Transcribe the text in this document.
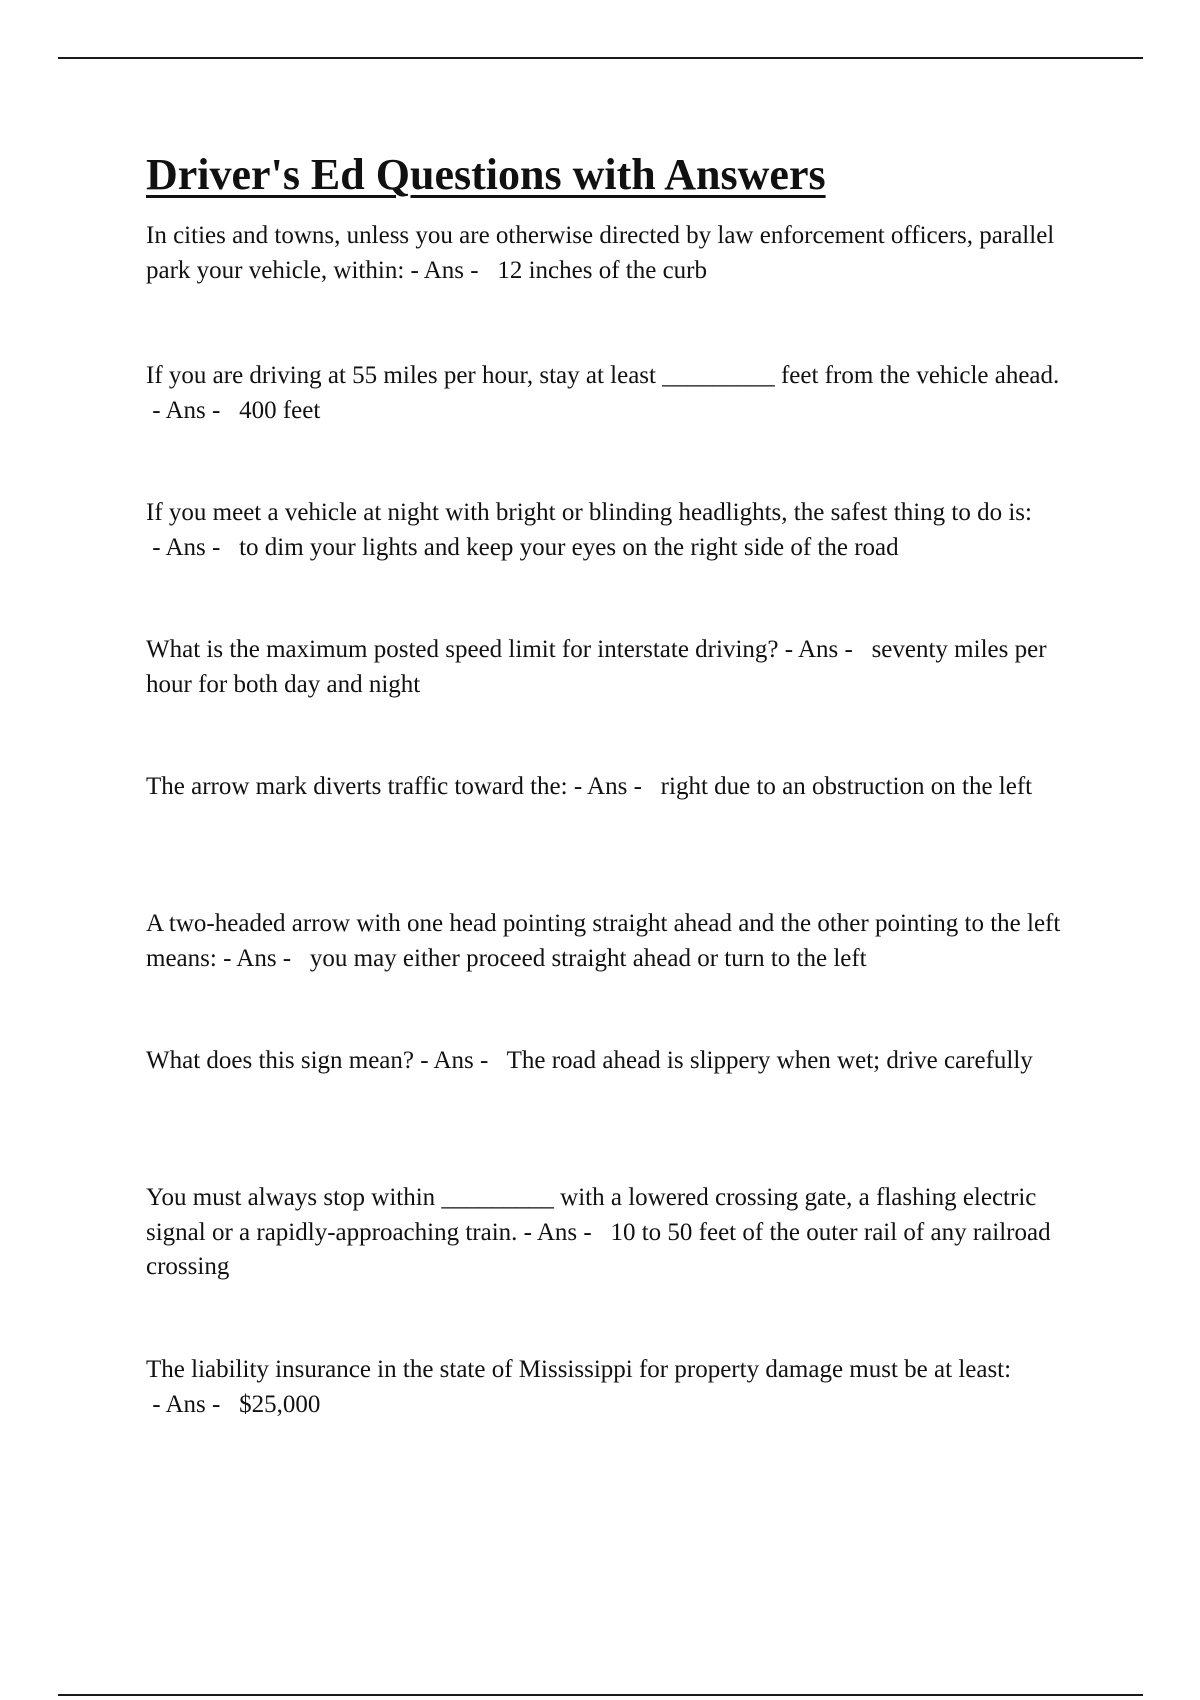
Driver's Ed Questions with Answers

In cities and towns, unless you are otherwise directed by law enforcement officers, parallel park your vehicle, within: - Ans -   12 inches of the curb

If you are driving at 55 miles per hour, stay at least _________ feet from the vehicle ahead. - Ans -   400 feet

If you meet a vehicle at night with bright or blinding headlights, the safest thing to do is: - Ans -   to dim your lights and keep your eyes on the right side of the road

What is the maximum posted speed limit for interstate driving? - Ans -   seventy miles per hour for both day and night

The arrow mark diverts traffic toward the: - Ans -   right due to an obstruction on the left

A two-headed arrow with one head pointing straight ahead and the other pointing to the left means: - Ans -   you may either proceed straight ahead or turn to the left

What does this sign mean? - Ans -   The road ahead is slippery when wet; drive carefully

You must always stop within _________ with a lowered crossing gate, a flashing electric signal or a rapidly-approaching train. - Ans -   10 to 50 feet of the outer rail of any railroad crossing

The liability insurance in the state of Mississippi for property damage must be at least: - Ans -   $25,000
